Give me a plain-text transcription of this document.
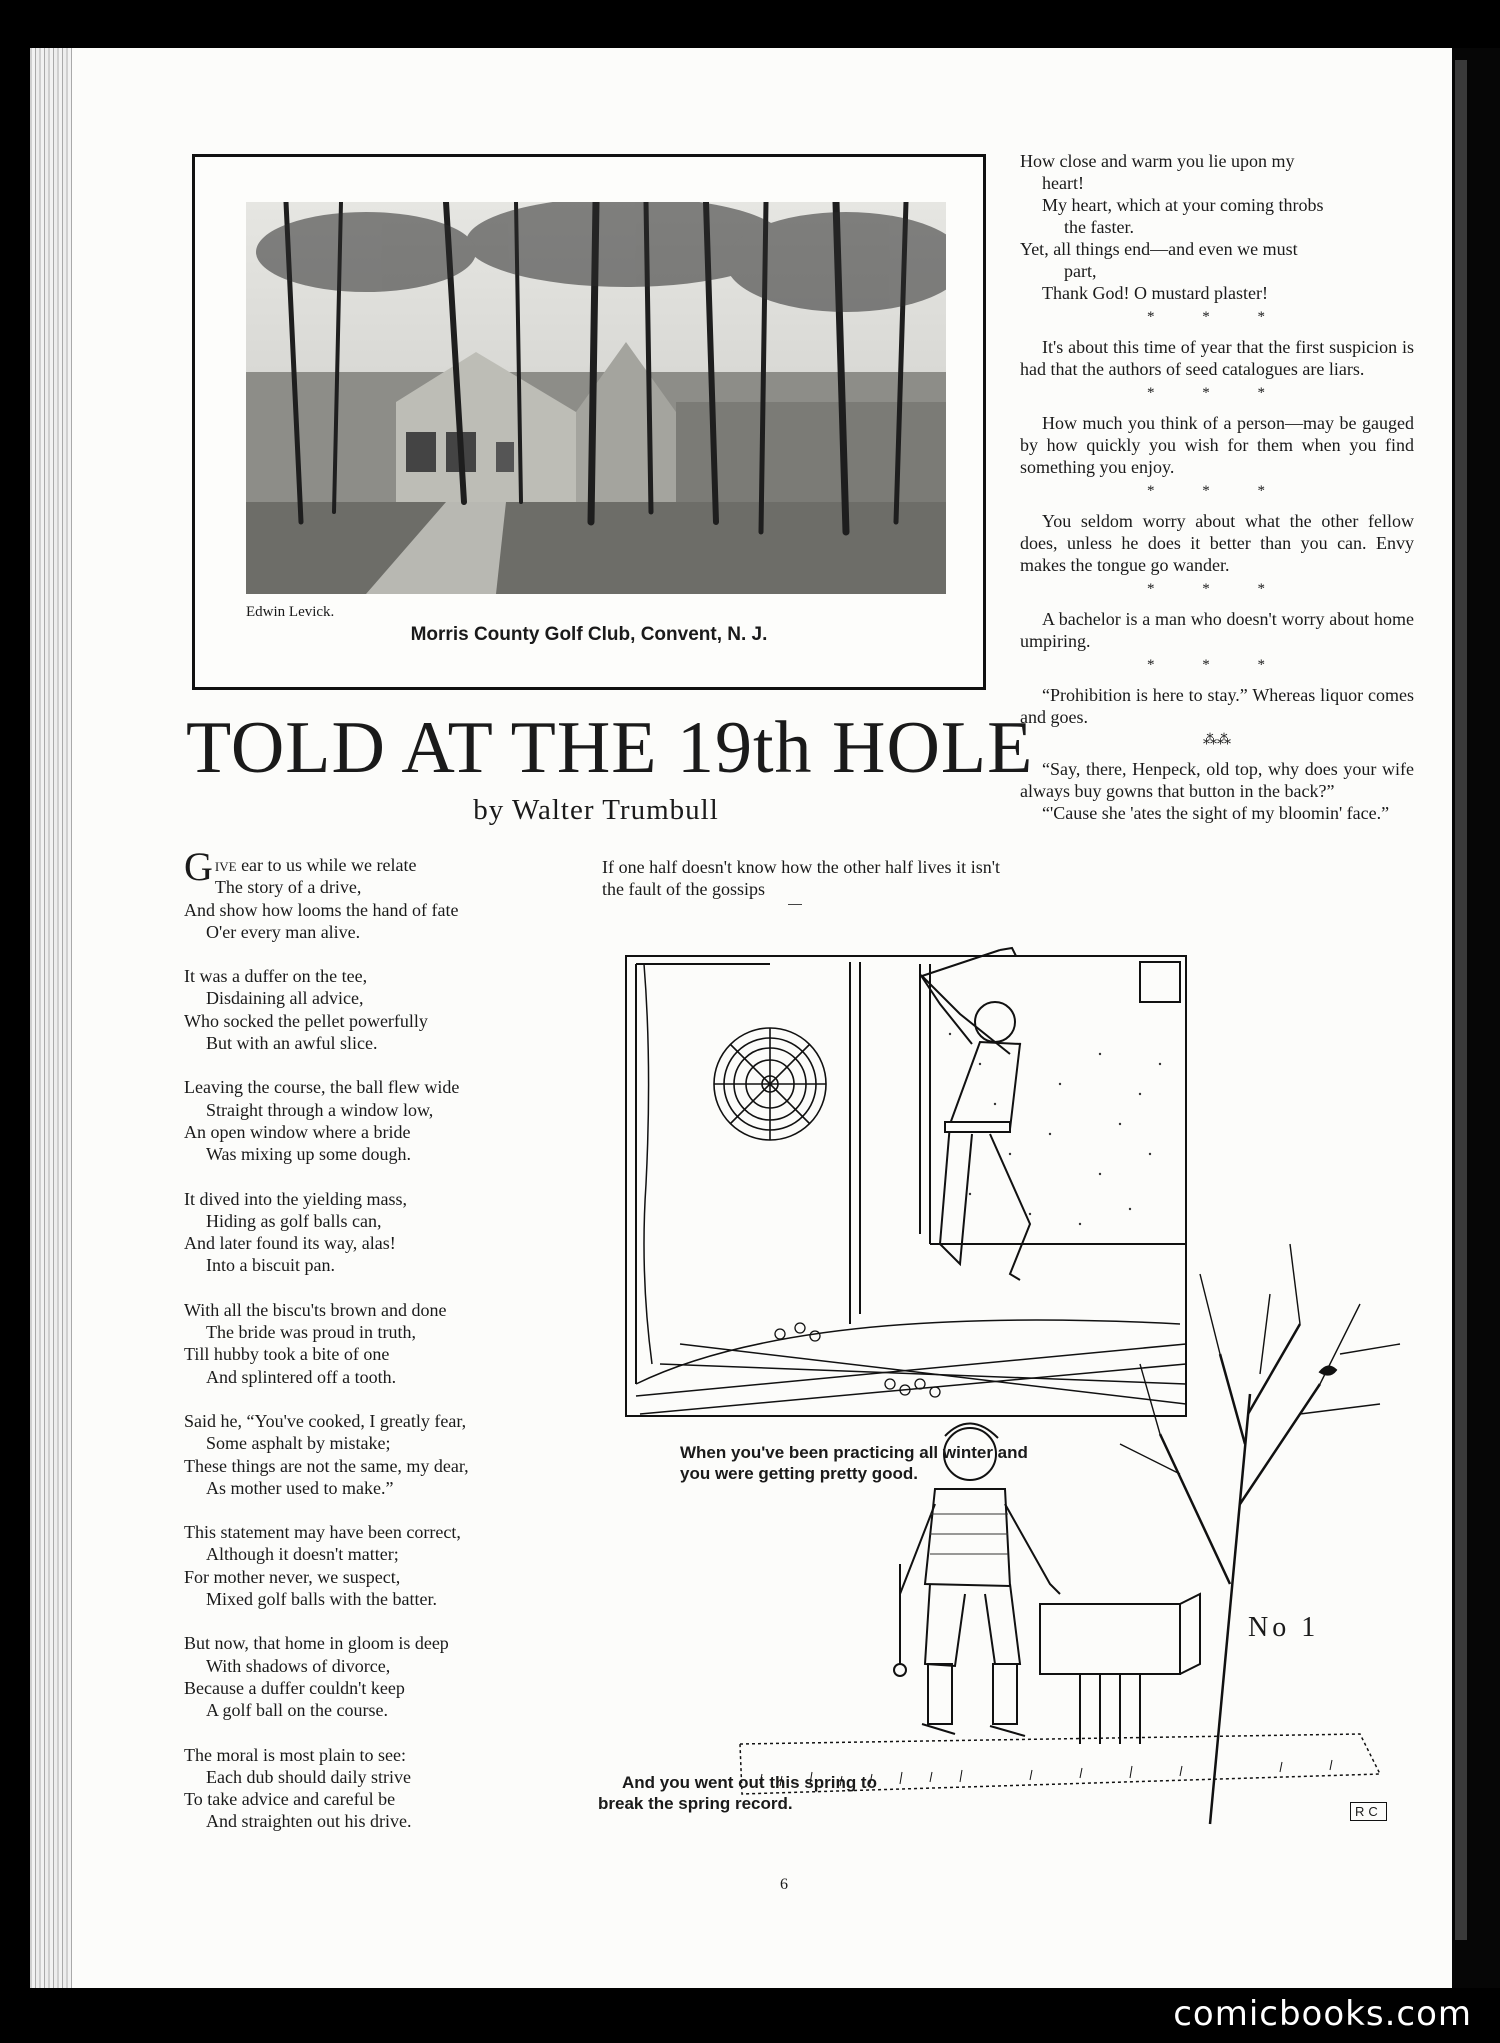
Edwin Levick.
Morris County Golf Club, Convent, N. J.
TOLD AT THE 19th HOLE
by Walter Trumbull
Give ear to us while we relate
The story of a drive,
And show how looms the hand of fate
O'er every man alive.
It was a duffer on the tee,
Disdaining all advice,
Who socked the pellet powerfully
But with an awful slice.
Leaving the course, the ball flew wide
Straight through a window low,
An open window where a bride
Was mixing up some dough.
It dived into the yielding mass,
Hiding as golf balls can,
And later found its way, alas!
Into a biscuit pan.
With all the biscu'ts brown and done
The bride was proud in truth,
Till hubby took a bite of one
And splintered off a tooth.
Said he, “You've cooked, I greatly fear,
Some asphalt by mistake;
These things are not the same, my dear,
As mother used to make.”
This statement may have been correct,
Although it doesn't matter;
For mother never, we suspect,
Mixed golf balls with the batter.
But now, that home in gloom is deep
With shadows of divorce,
Because a duffer couldn't keep
A golf ball on the course.
The moral is most plain to see:
Each dub should daily strive
To take advice and careful be
And straighten out his drive.
If one half doesn't know how the other half lives it isn't the fault of the gossips

How close and warm you lie upon my

heart!

My heart, which at your coming throbs

the faster.

Yet, all things end—and even we must

part,

Thank God! O mustard plaster!

* * *

It's about this time of year that the first suspicion is had that the authors of seed catalogues are liars.

* * *

How much you think of a person—may be gauged by how quickly you wish for them when you find something you enjoy.

* * *

You seldom worry about what the other fellow does, unless he does it better than you can. Envy makes the tongue go wander.

* * *

A bachelor is a man who doesn't worry about home umpiring.

* * *

“Prohibition is here to stay.” Whereas liquor comes and goes.

⁂⁂

“Say, there, Henpeck, old top, why does your wife always buy gowns that button in the back?”

“'Cause she 'ates the sight of my bloomin' face.”

No 1
RC
When you've been practicing all winter and you were getting pretty good.
And you went out this spring to
break the spring record.
6
comicbooks.com
